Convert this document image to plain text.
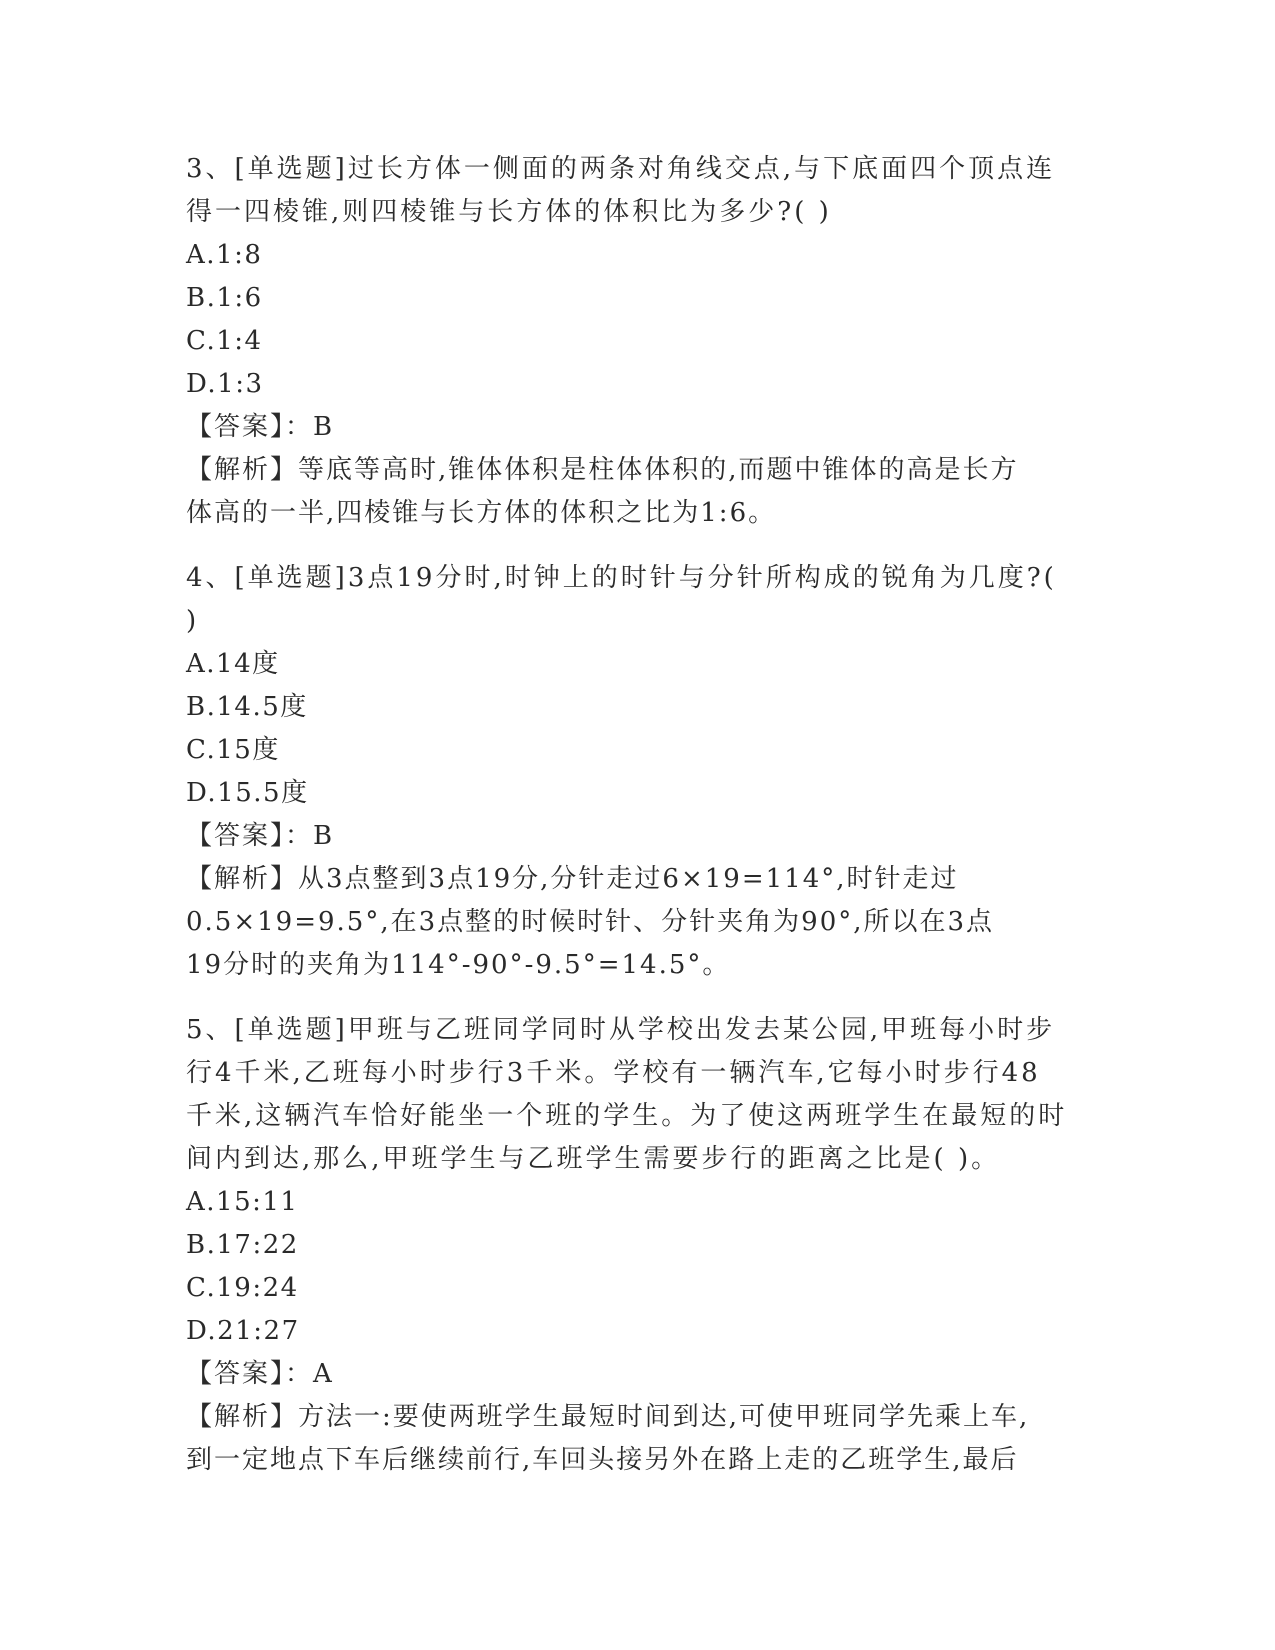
3、[单选题]过长方体一侧面的两条对角线交点,与下底面四个顶点连
得一四棱锥,则四棱锥与长方体的体积比为多少?( )
A.1:8
B.1:6
C.1:4
D.1:3
【答案】：B
【解析】等底等高时,锥体体积是柱体体积的,而题中锥体的高是长方
体高的一半,四棱锥与长方体的体积之比为1:6。
4、[单选题]3点19分时,时钟上的时针与分针所构成的锐角为几度?(
)
A.14度
B.14.5度
C.15度
D.15.5度
【答案】：B
【解析】从3点整到3点19分,分针走过6×19=114°,时针走过
0.5×19=9.5°,在3点整的时候时针、分针夹角为90°,所以在3点
19分时的夹角为114°-90°-9.5°=14.5°。
5、[单选题]甲班与乙班同学同时从学校出发去某公园,甲班每小时步
行4千米,乙班每小时步行3千米。学校有一辆汽车,它每小时步行48
千米,这辆汽车恰好能坐一个班的学生。为了使这两班学生在最短的时
间内到达,那么,甲班学生与乙班学生需要步行的距离之比是( )。
A.15:11
B.17:22
C.19:24
D.21:27
【答案】：A
【解析】方法一:要使两班学生最短时间到达,可使甲班同学先乘上车,
到一定地点下车后继续前行,车回头接另外在路上走的乙班学生,最后
